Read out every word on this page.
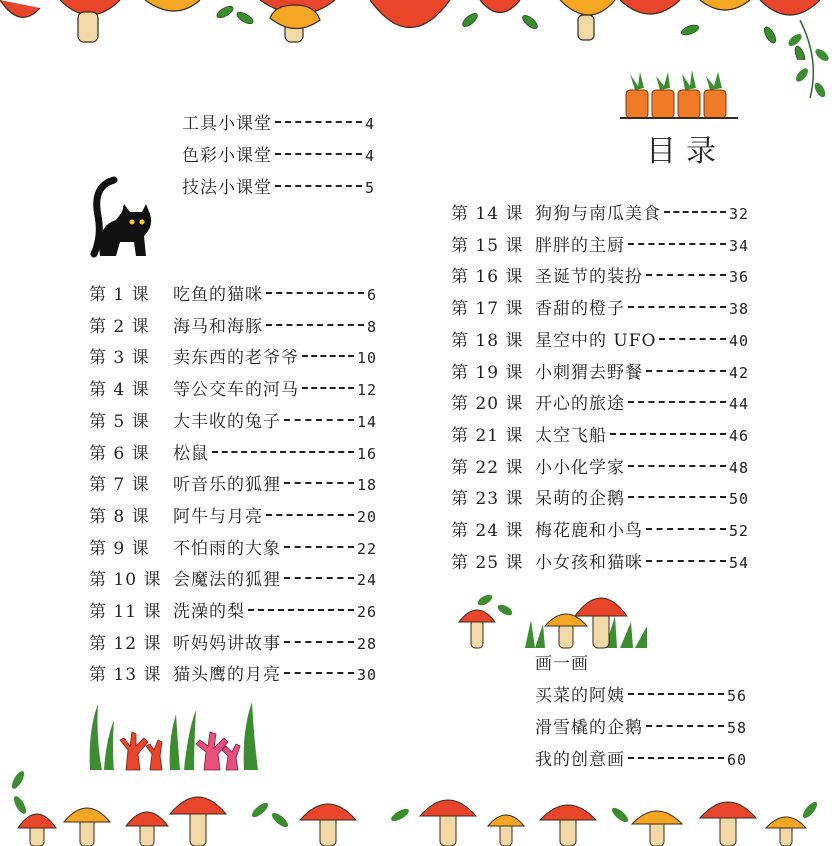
目录
工具小课堂	4
色彩小课堂	4
技法小课堂	5
第 1 课	吃鱼的猫咪	6
第 2 课	海马和海豚	8
第 3 课	卖东西的老爷爷	10
第 4 课	等公交车的河马	12
第 5 课	大丰收的兔子	14
第 6 课	松鼠	16
第 7 课	听音乐的狐狸	18
第 8 课	阿牛与月亮	20
第 9 课	不怕雨的大象	22
第 10 课 会魔法的狐狸	24
第 11 课 洗澡的梨	26
第 12 课 听妈妈讲故事	28
第 13 课 猫头鹰的月亮	30
第 14 课 狗狗与南瓜美食	32
第 15 课 胖胖的主厨	34
第 16 课 圣诞节的装扮	36
第 17 课 香甜的橙子	38
第 18 课 星空中的 UFO	40
第 19 课 小刺猬去野餐	42
第 20 课 开心的旅途	44
第 21 课 太空飞船	46
第 22 课 小小化学家	48
第 23 课 呆萌的企鹅	50
第 24 课 梅花鹿和小鸟	52
第 25 课 小女孩和猫咪	54
画一画
买菜的阿姨	56
滑雪橇的企鹅	58
我的创意画	60
